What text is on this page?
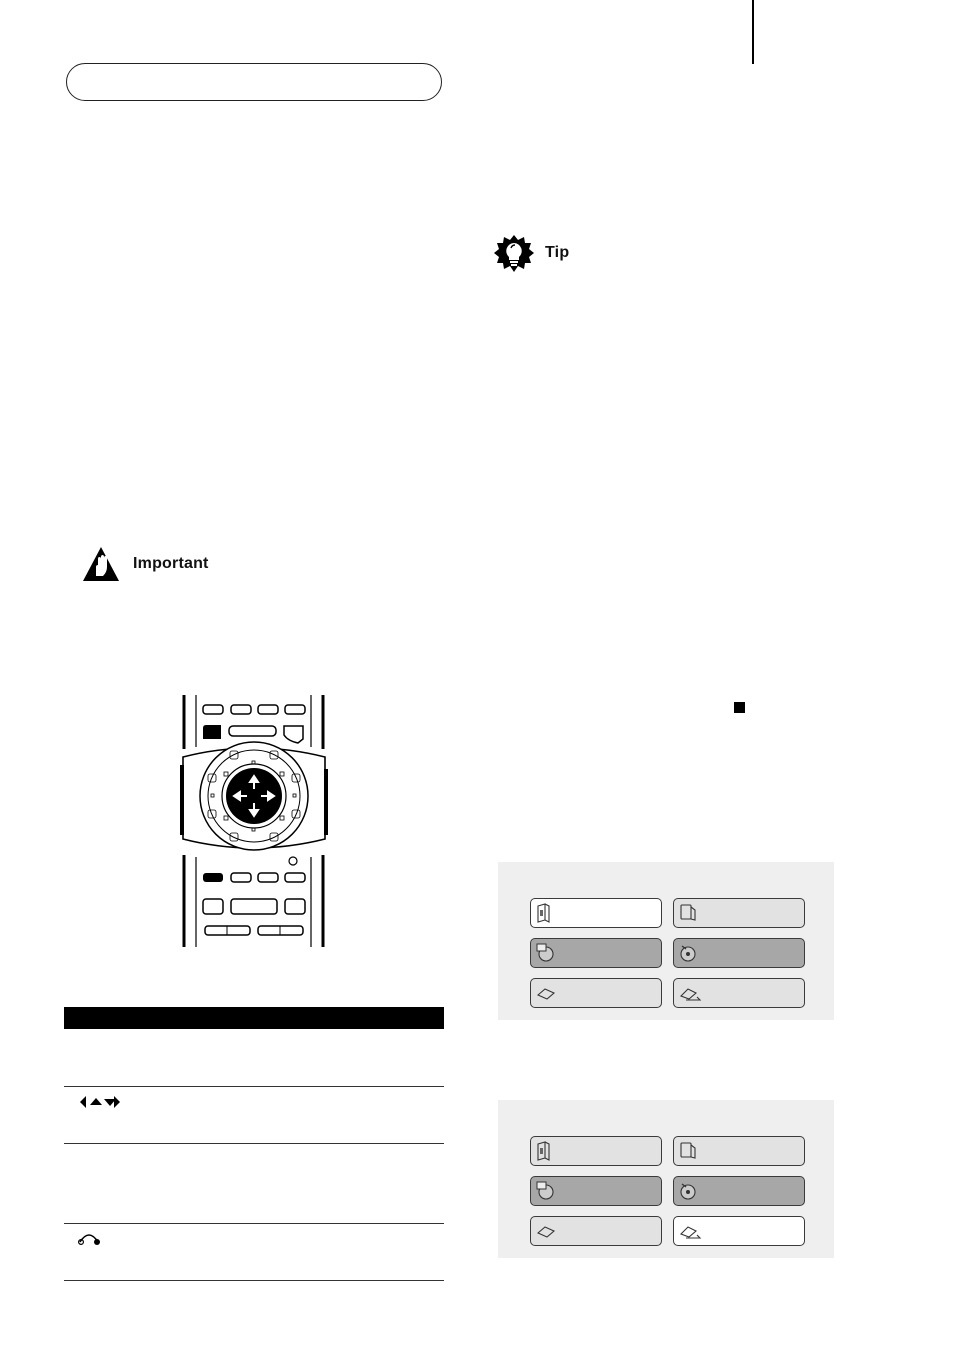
Tip
Important
